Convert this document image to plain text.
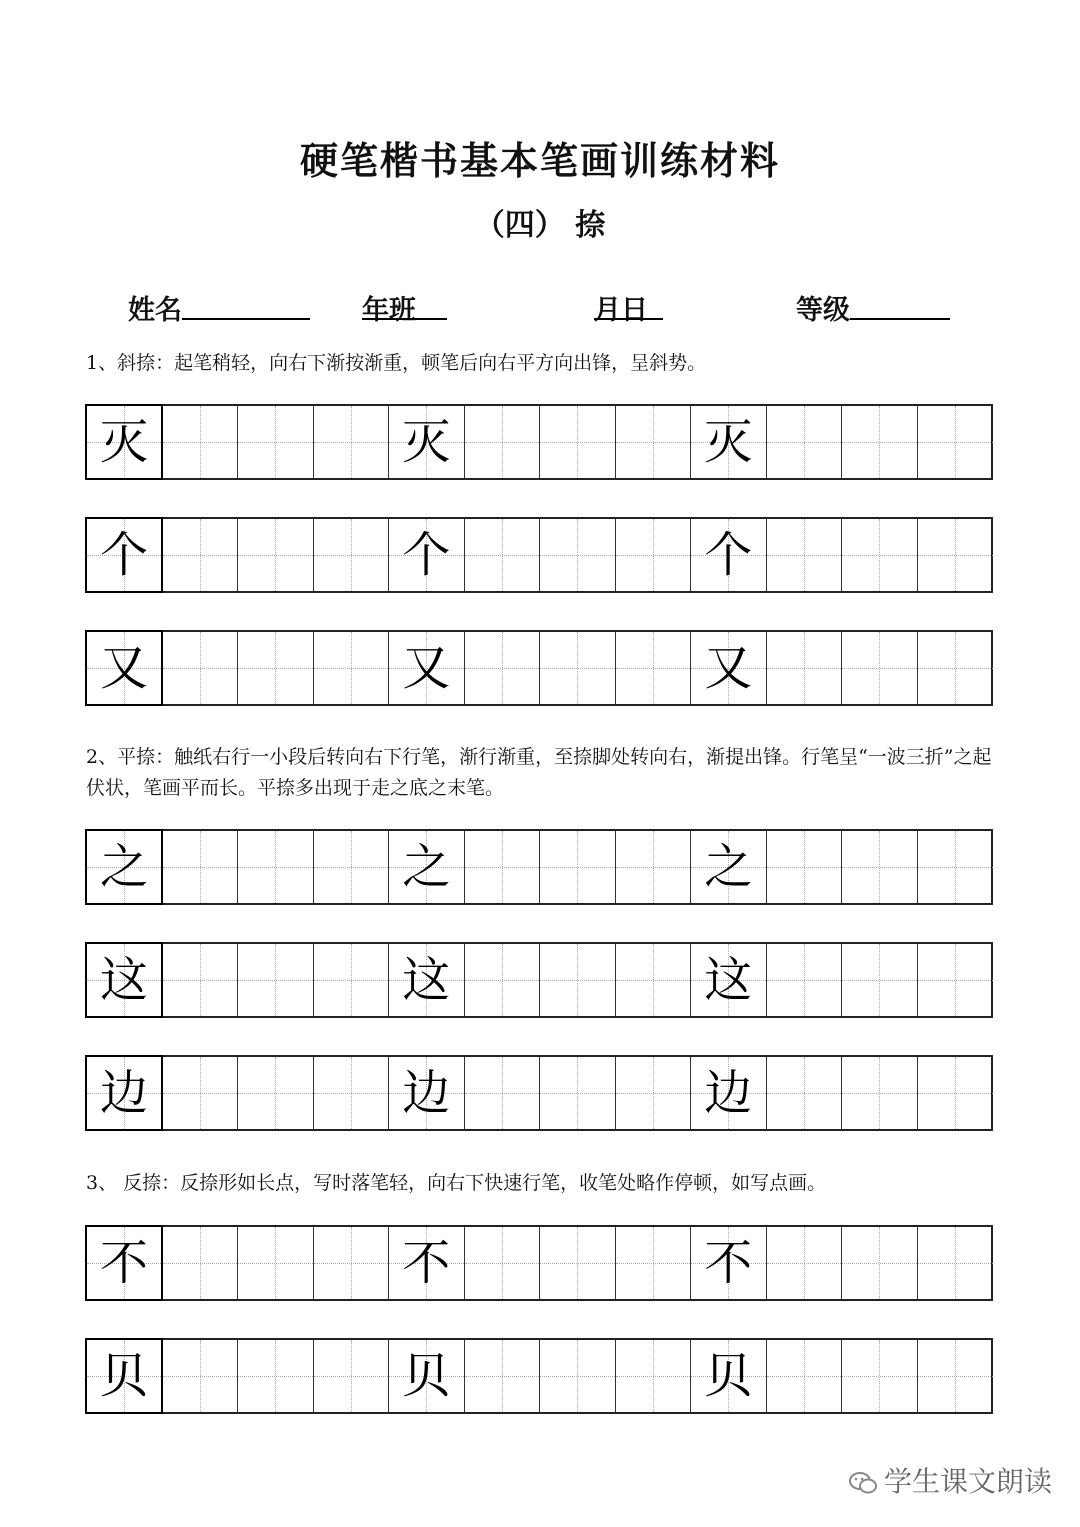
硬笔楷书基本笔画训练材料
（四） 捺
姓名	年
班	月
日	等级
1、斜捺：起笔稍轻，向右下渐按渐重，顿笔后向右平方向出锋，呈斜势。
灭	灭	灭
个	个	个
又	又	又
2、平捺：触纸右行一小段后转向右下行笔，渐行渐重，至捺脚处转向右，渐提出锋。行笔呈“一波三折”之起伏状，笔画平而长。平捺多出现于走之底之末笔。
之	之	之
这	这	这
边	边	边
3、 反捺：反捺形如长点，写时落笔轻，向右下快速行笔，收笔处略作停顿，如写点画。
不	不	不
贝	贝	贝
学生课文朗读
